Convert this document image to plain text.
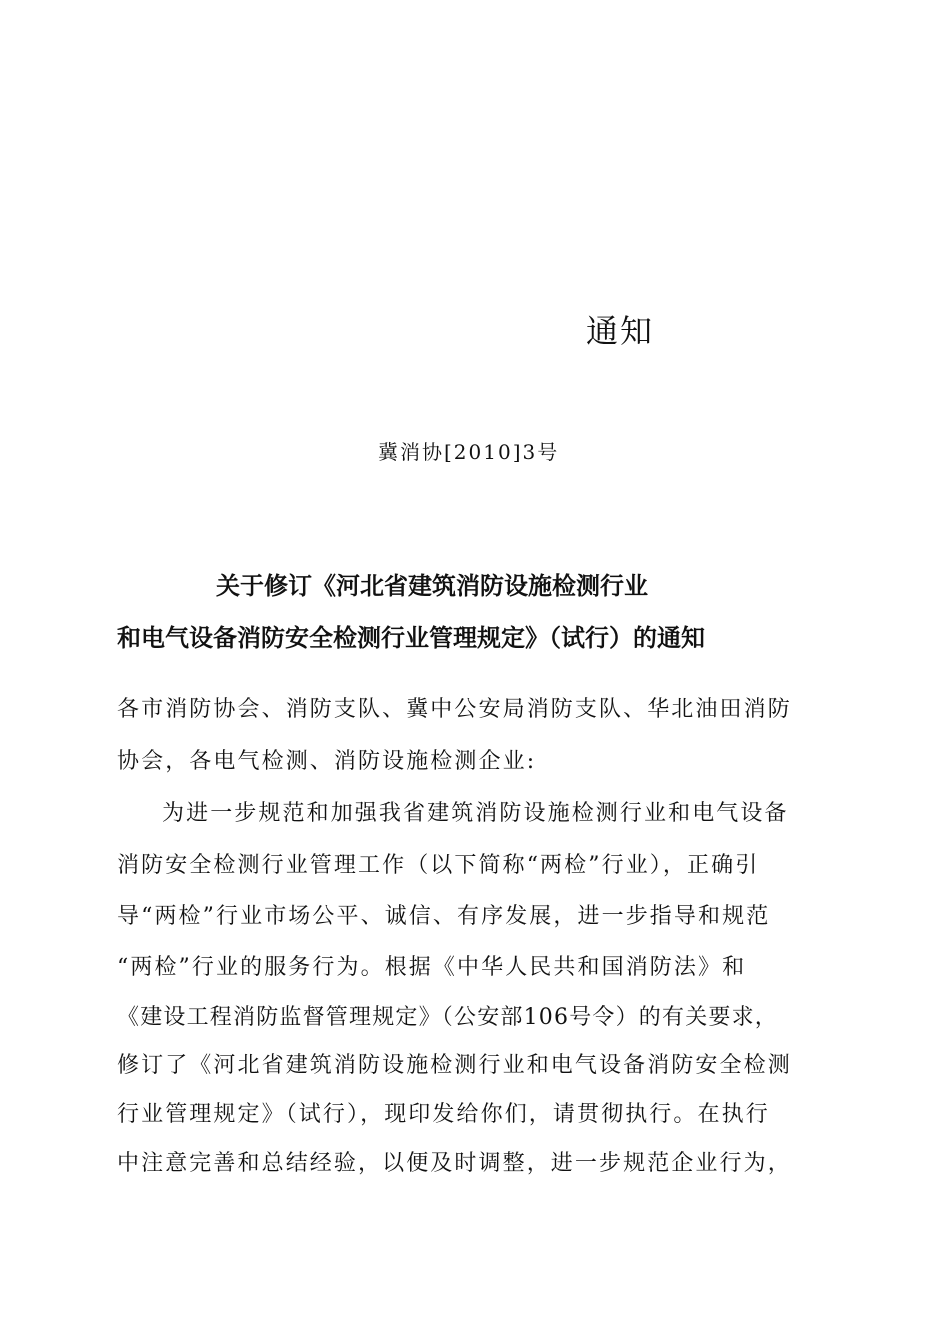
通知
冀消协[2010]3号
关于修订《河北省建筑消防设施检测行业
和电气设备消防安全检测行业管理规定》（试行）的通知
各市消防协会、消防支队、冀中公安局消防支队、华北油田消防
协会，各电气检测、消防设施检测企业:
为进一步规范和加强我省建筑消防设施检测行业和电气设备
消防安全检测行业管理工作（以下简称“两检”行业），正确引
导“两检”行业市场公平、诚信、有序发展，进一步指导和规范
“两检”行业的服务行为。根据《中华人民共和国消防法》和
《建设工程消防监督管理规定》（公安部106号令）的有关要求，
修订了《河北省建筑消防设施检测行业和电气设备消防安全检测
行业管理规定》（试行），现印发给你们，请贯彻执行。在执行
中注意完善和总结经验，以便及时调整，进一步规范企业行为，
